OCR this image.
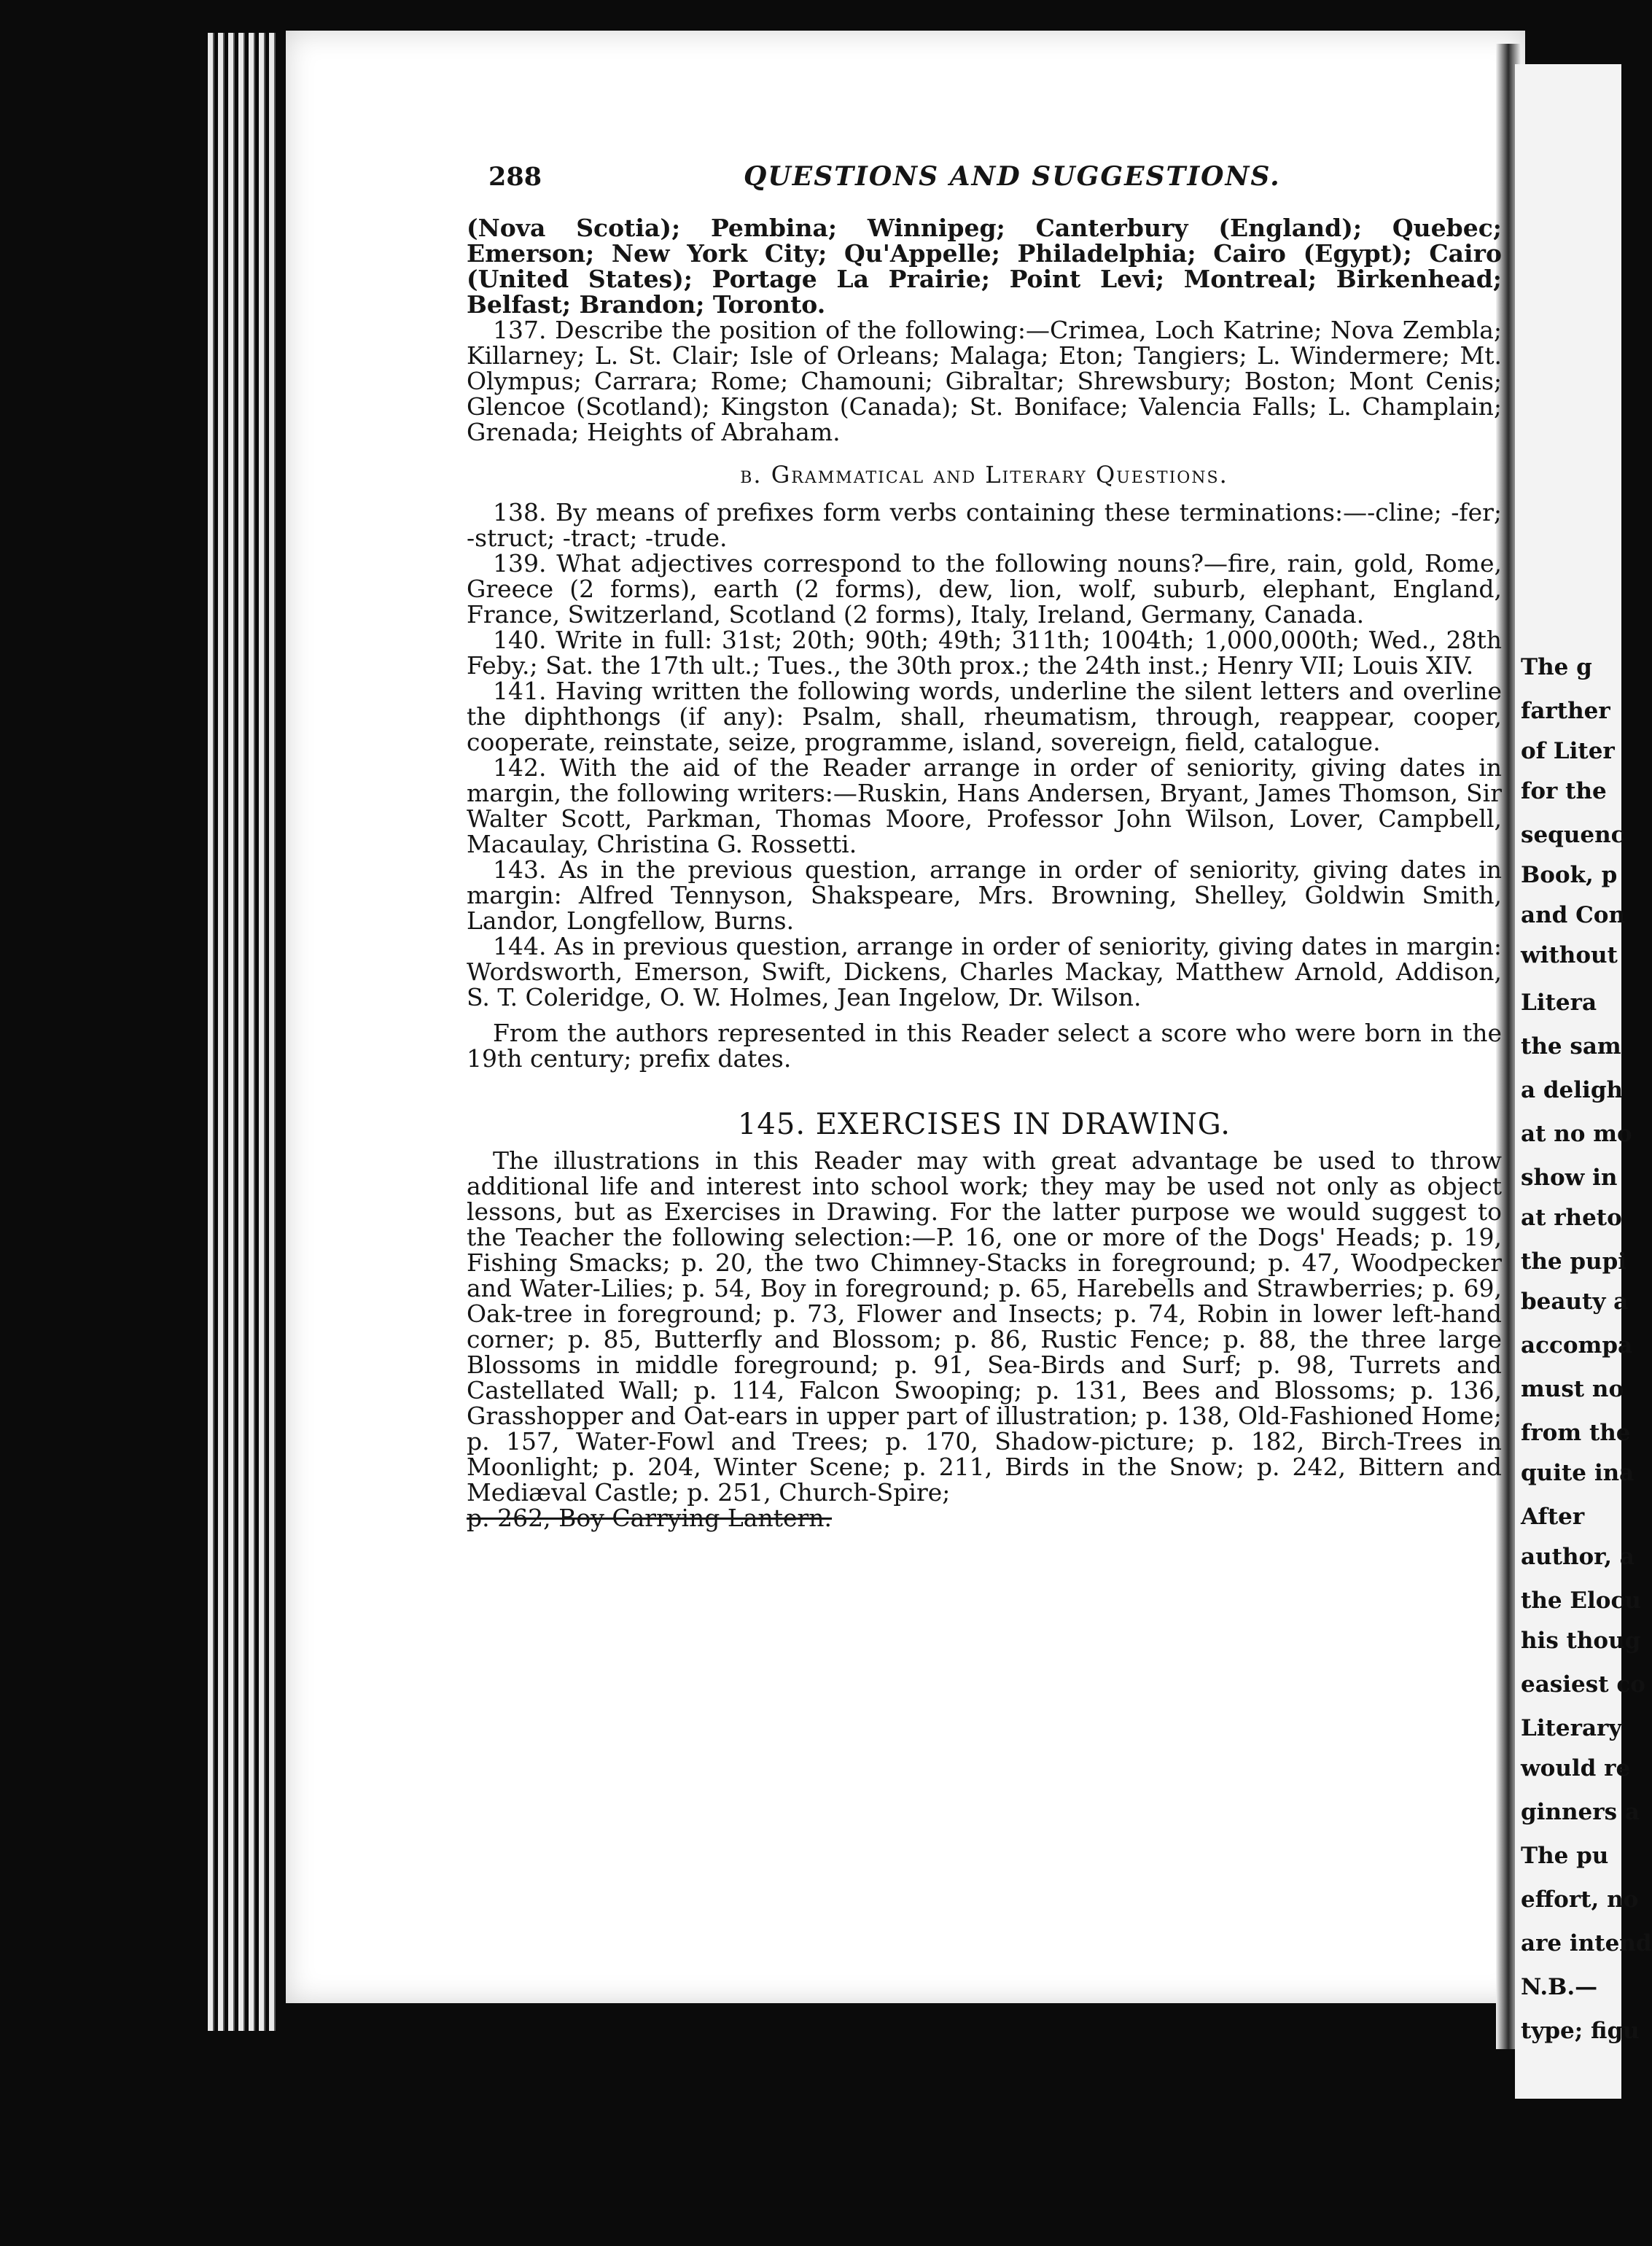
The g
farther
of Liter
for the
sequenc
Book, p
and Con
without
Litera
the sam
a deligh
at no mo
show in
at rheto
the pupi
beauty a
accompa
must no
from the
quite ina
After
author, a
the Elocu
his thoug
easiest co
Literary
would re
ginners a
The pu
effort, no
are intend
N.B.—
type; figu
288	QUESTIONS AND SUGGESTIONS.

(Nova Scotia); Pembina; Winnipeg; Canterbury (England); Quebec; Emerson; New York City; Qu'Appelle; Philadelphia; Cairo (Egypt); Cairo (United States); Portage La Prairie; Point Levi; Montreal; Birkenhead; Belfast; Brandon; Toronto.

137. Describe the position of the following:—Crimea, Loch Katrine; Nova Zembla; Killarney; L. St. Clair; Isle of Orleans; Malaga; Eton; Tangiers; L. Windermere; Mt. Olympus; Carrara; Rome; Chamouni; Gibraltar; Shrewsbury; Boston; Mont Cenis; Glencoe (Scotland); Kingston (Canada); St. Boniface; Valencia Falls; L. Champlain; Grenada; Heights of Abraham.

b. Grammatical and Literary Questions.

138. By means of prefixes form verbs containing these terminations:—-cline; -fer; -struct; -tract; -trude.

139. What adjectives correspond to the following nouns?—fire, rain, gold, Rome, Greece (2 forms), earth (2 forms), dew, lion, wolf, suburb, elephant, England, France, Switzerland, Scotland (2 forms), Italy, Ireland, Germany, Canada.

140. Write in full: 31st; 20th; 90th; 49th; 311th; 1004th; 1,000,000th; Wed., 28th Feby.; Sat. the 17th ult.; Tues., the 30th prox.; the 24th inst.; Henry VII; Louis XIV.

141. Having written the following words, underline the silent letters and overline the diphthongs (if any): Psalm, shall, rheumatism, through, reappear, cooper, cooperate, reinstate, seize, programme, island, sovereign, field, catalogue.

142. With the aid of the Reader arrange in order of seniority, giving dates in margin, the following writers:—Ruskin, Hans Andersen, Bryant, James Thomson, Sir Walter Scott, Parkman, Thomas Moore, Professor John Wilson, Lover, Campbell, Macaulay, Christina G. Rossetti.

143. As in the previous question, arrange in order of seniority, giving dates in margin: Alfred Tennyson, Shakspeare, Mrs. Browning, Shelley, Goldwin Smith, Landor, Longfellow, Burns.

144. As in previous question, arrange in order of seniority, giving dates in margin: Wordsworth, Emerson, Swift, Dickens, Charles Mackay, Matthew Arnold, Addison, S. T. Coleridge, O. W. Holmes, Jean Ingelow, Dr. Wilson.

From the authors represented in this Reader select a score who were born in the 19th century; prefix dates.

145. EXERCISES IN DRAWING.

The illustrations in this Reader may with great advantage be used to throw additional life and interest into school work; they may be used not only as object lessons, but as Exercises in Drawing. For the latter purpose we would suggest to the Teacher the following selection:—P. 16, one or more of the Dogs' Heads; p. 19, Fishing Smacks; p. 20, the two Chimney-Stacks in foreground; p. 47, Woodpecker and Water-Lilies; p. 54, Boy in foreground; p. 65, Harebells and Strawberries; p. 69, Oak-tree in foreground; p. 73, Flower and Insects; p. 74, Robin in lower left-hand corner; p. 85, Butterfly and Blossom; p. 86, Rustic Fence; p. 88, the three large Blossoms in middle foreground; p. 91, Sea-Birds and Surf; p. 98, Turrets and Castellated Wall; p. 114, Falcon Swooping; p. 131, Bees and Blossoms; p. 136, Grasshopper and Oat-ears in upper part of illustration; p. 138, Old-Fashioned Home; p. 157, Water-Fowl and Trees; p. 170, Shadow-picture; p. 182, Birch-Trees in Moonlight; p. 204, Winter Scene; p. 211, Birds in the Snow; p. 242, Bittern and Mediæval Castle; p. 251, Church-Spire;

p. 262, Boy Carrying Lantern.
